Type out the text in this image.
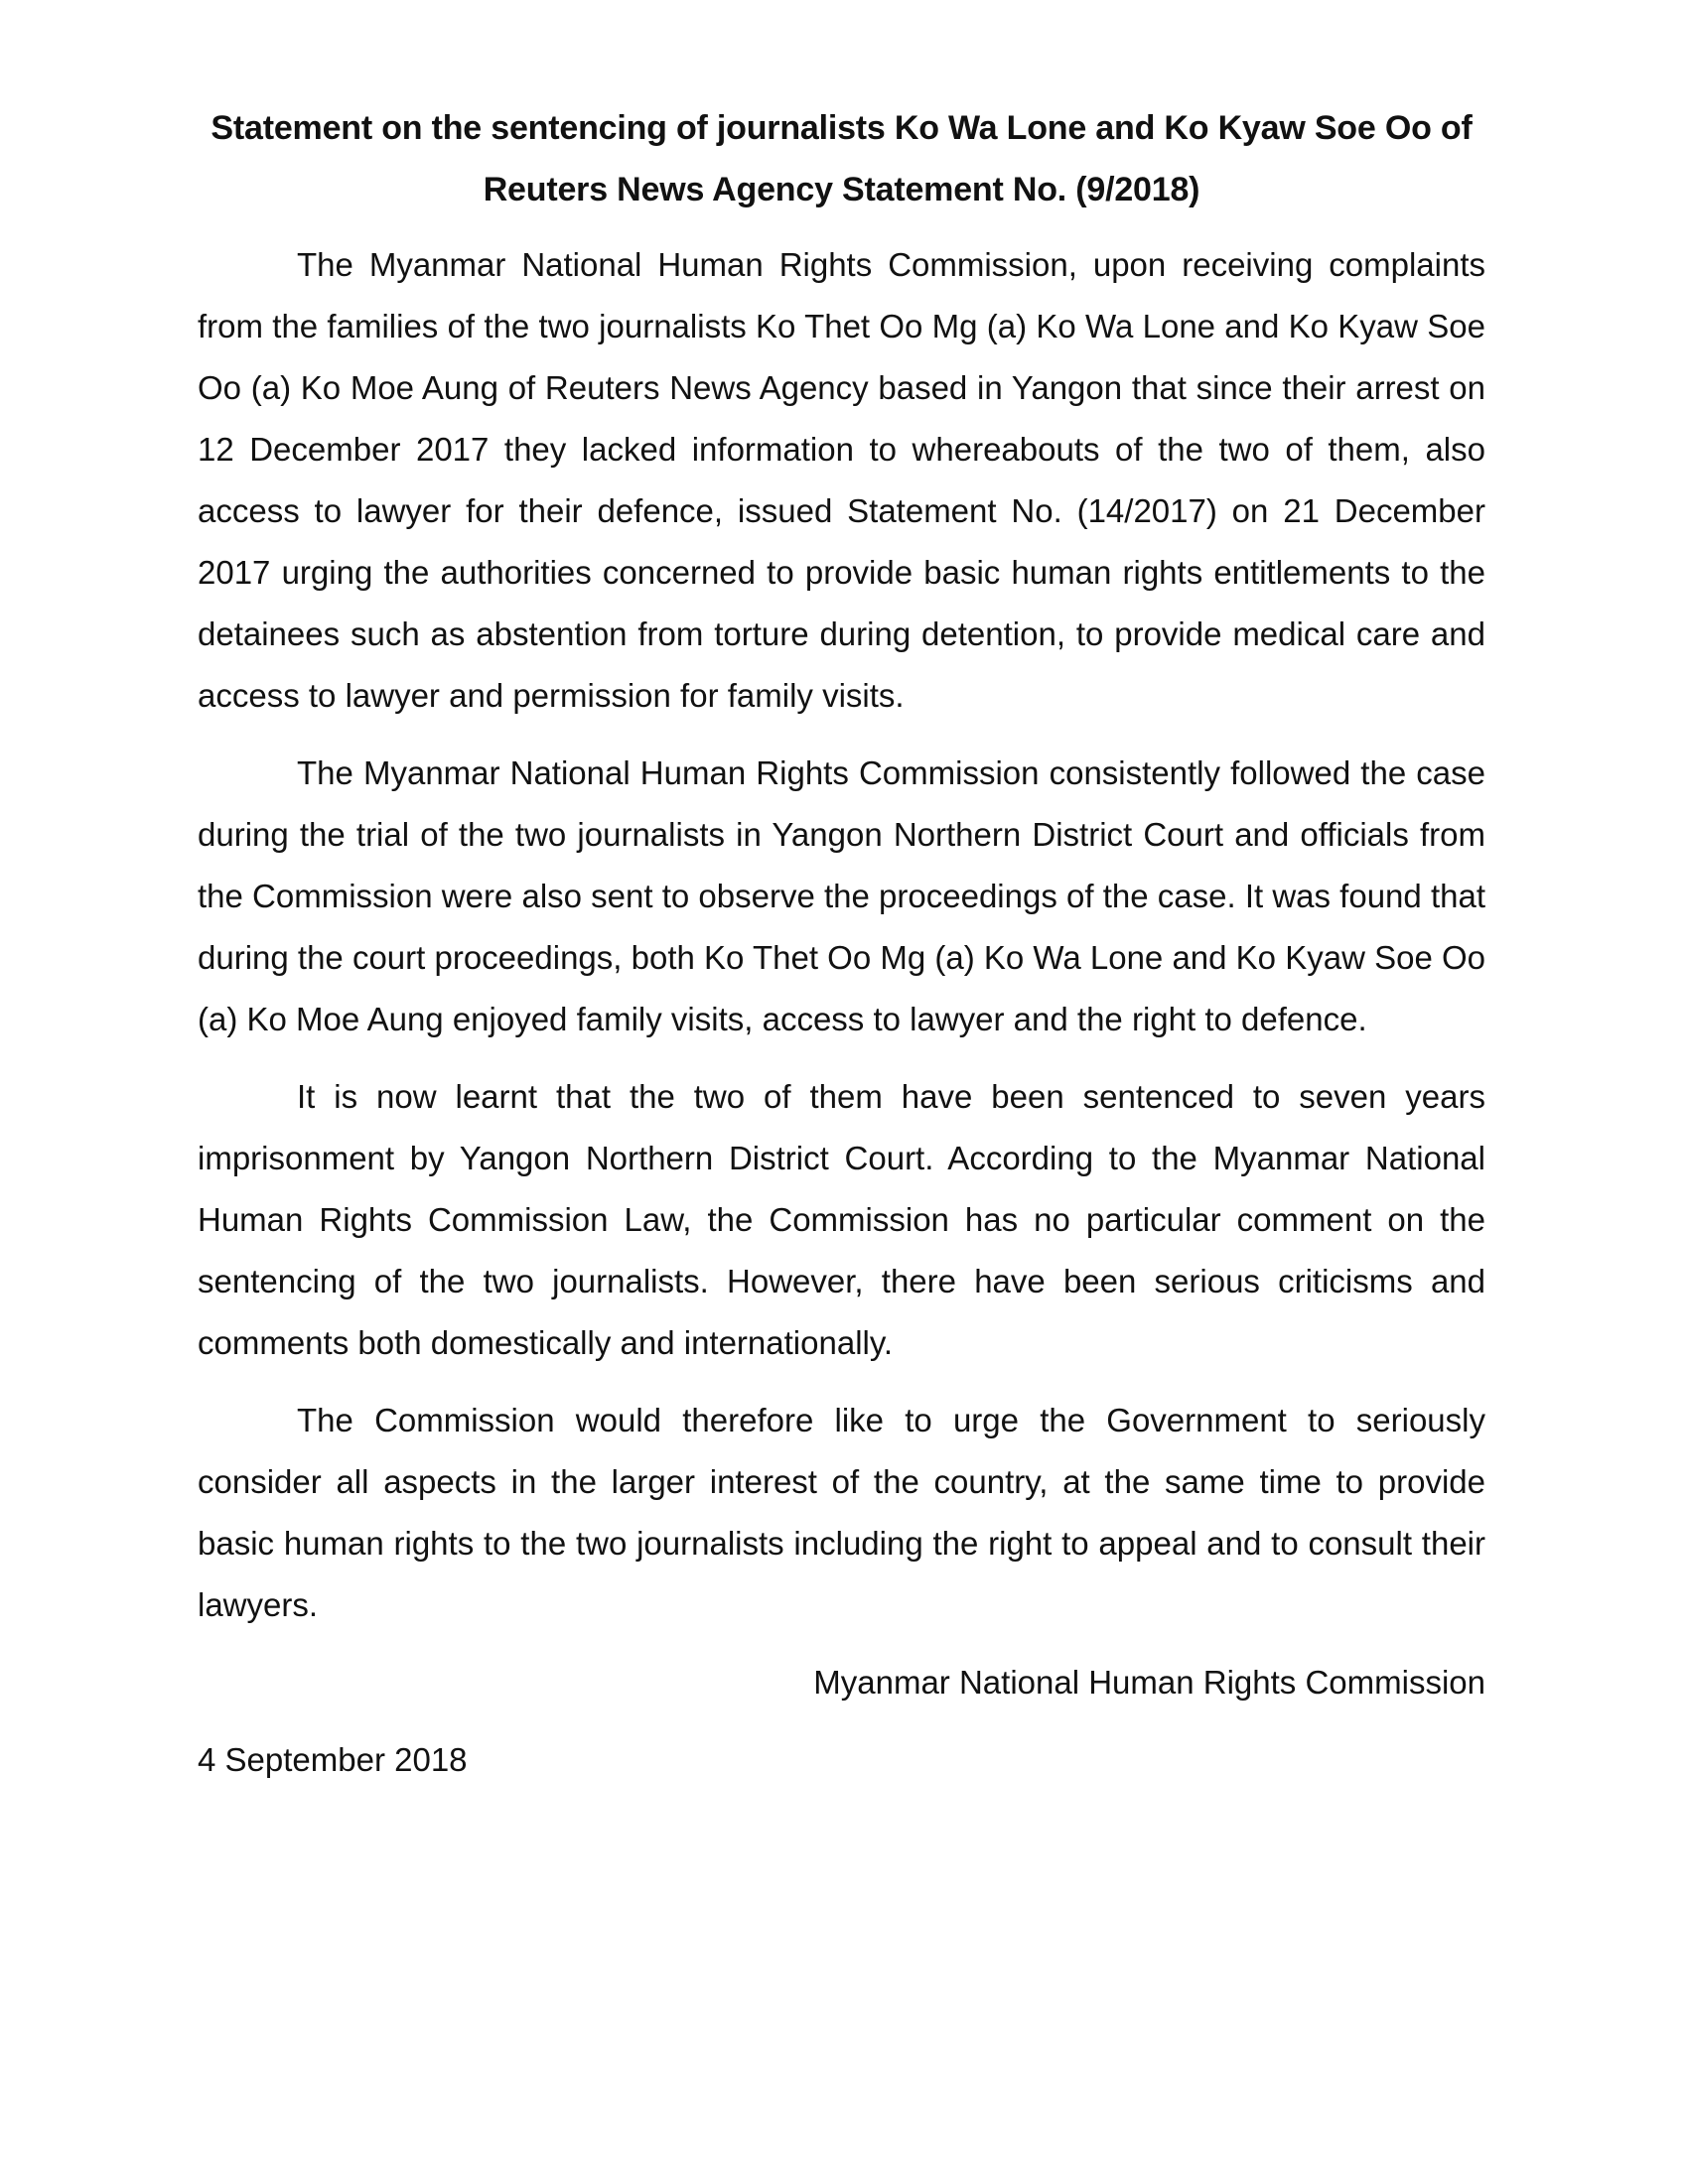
Statement on the sentencing of journalists Ko Wa Lone and Ko Kyaw Soe Oo of Reuters News Agency Statement No. (9/2018)

The Myanmar National Human Rights Commission, upon receiving complaints from the families of the two journalists Ko Thet Oo Mg (a) Ko Wa Lone and Ko Kyaw Soe Oo (a) Ko Moe Aung of Reuters News Agency based in Yangon that since their arrest on 12 December 2017 they lacked information to whereabouts of the two of them, also access to lawyer for their defence, issued Statement No. (14/2017) on 21 December 2017 urging the authorities concerned to provide basic human rights entitlements to the detainees such as abstention from torture during detention, to provide medical care and access to lawyer and permission for family visits.

The Myanmar National Human Rights Commission consistently followed the case during the trial of the two journalists in Yangon Northern District Court and officials from the Commission were also sent to observe the proceedings of the case. It was found that during the court proceedings, both Ko Thet Oo Mg (a) Ko Wa Lone and Ko Kyaw Soe Oo (a) Ko Moe Aung enjoyed family visits, access to lawyer and the right to defence.

It is now learnt that the two of them have been sentenced to seven years imprisonment by Yangon Northern District Court. According to the Myanmar National Human Rights Commission Law, the Commission has no particular comment on the sentencing of the two journalists. However, there have been serious criticisms and comments both domestically and internationally.

The Commission would therefore like to urge the Government to seriously consider all aspects in the larger interest of the country, at the same time to provide basic human rights to the two journalists including the right to appeal and to consult their lawyers.

Myanmar National Human Rights Commission
4 September 2018
